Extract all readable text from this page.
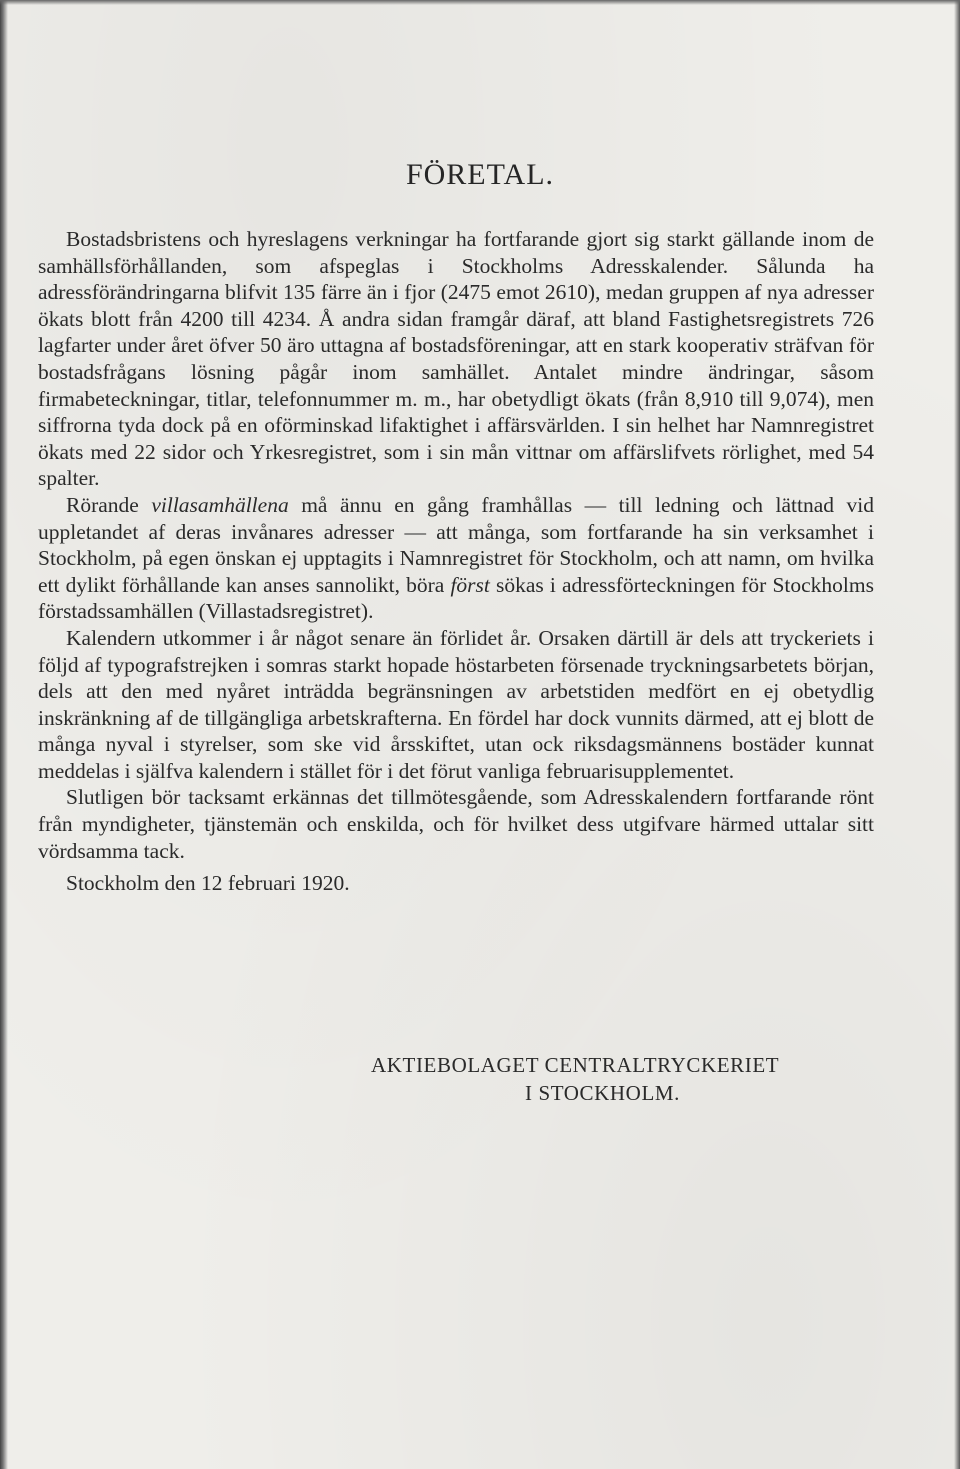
FÖRETAL.

Bostadsbristens och hyreslagens verkningar ha fortfarande gjort sig starkt gällande inom de samhällsförhållanden, som afspeglas i Stockholms Adresskalender. Sålunda ha adressförändringarna blifvit 135 färre än i fjor (2475 emot 2610), medan gruppen af nya adresser ökats blott från 4200 till 4234. Å andra sidan framgår däraf, att bland Fastighetsregistrets 726 lagfarter under året öfver 50 äro uttagna af bostadsföreningar, att en stark kooperativ sträfvan för bostadsfrågans lösning pågår inom samhället. Antalet mindre ändringar, såsom firmabeteckningar, titlar, telefonnummer m. m., har obetydligt ökats (från 8,910 till 9,074), men siffrorna tyda dock på en oförminskad lifaktighet i affärsvärlden. I sin helhet har Namnregistret ökats med 22 sidor och Yrkesregistret, som i sin mån vittnar om affärslifvets rörlighet, med 54 spalter.

Rörande villasamhällena må ännu en gång framhållas — till ledning och lättnad vid uppletandet af deras invånares adresser — att många, som fortfarande ha sin verksamhet i Stockholm, på egen önskan ej upptagits i Namnregistret för Stockholm, och att namn, om hvilka ett dylikt förhållande kan anses sannolikt, böra först sökas i adressförteckningen för Stockholms förstadssamhällen (Villastadsregistret).

Kalendern utkommer i år något senare än förlidet år. Orsaken därtill är dels att tryckeriets i följd af typografstrejken i somras starkt hopade höstarbeten försenade tryckningsarbetets början, dels att den med nyåret inträdda begränsningen av arbetstiden medfört en ej obetydlig inskränkning af de tillgängliga arbetskrafterna. En fördel har dock vunnits därmed, att ej blott de många nyval i styrelser, som ske vid årsskiftet, utan ock riksdagsmännens bostäder kunnat meddelas i själfva kalendern i stället för i det förut vanliga februarisupplementet.

Slutligen bör tacksamt erkännas det tillmötesgående, som Adresskalendern fortfarande rönt från myndigheter, tjänstemän och enskilda, och för hvilket dess utgifvare härmed uttalar sitt vördsamma tack.

Stockholm den 12 februari 1920.

AKTIEBOLAGET CENTRALTRYCKERIET
I STOCKHOLM.
